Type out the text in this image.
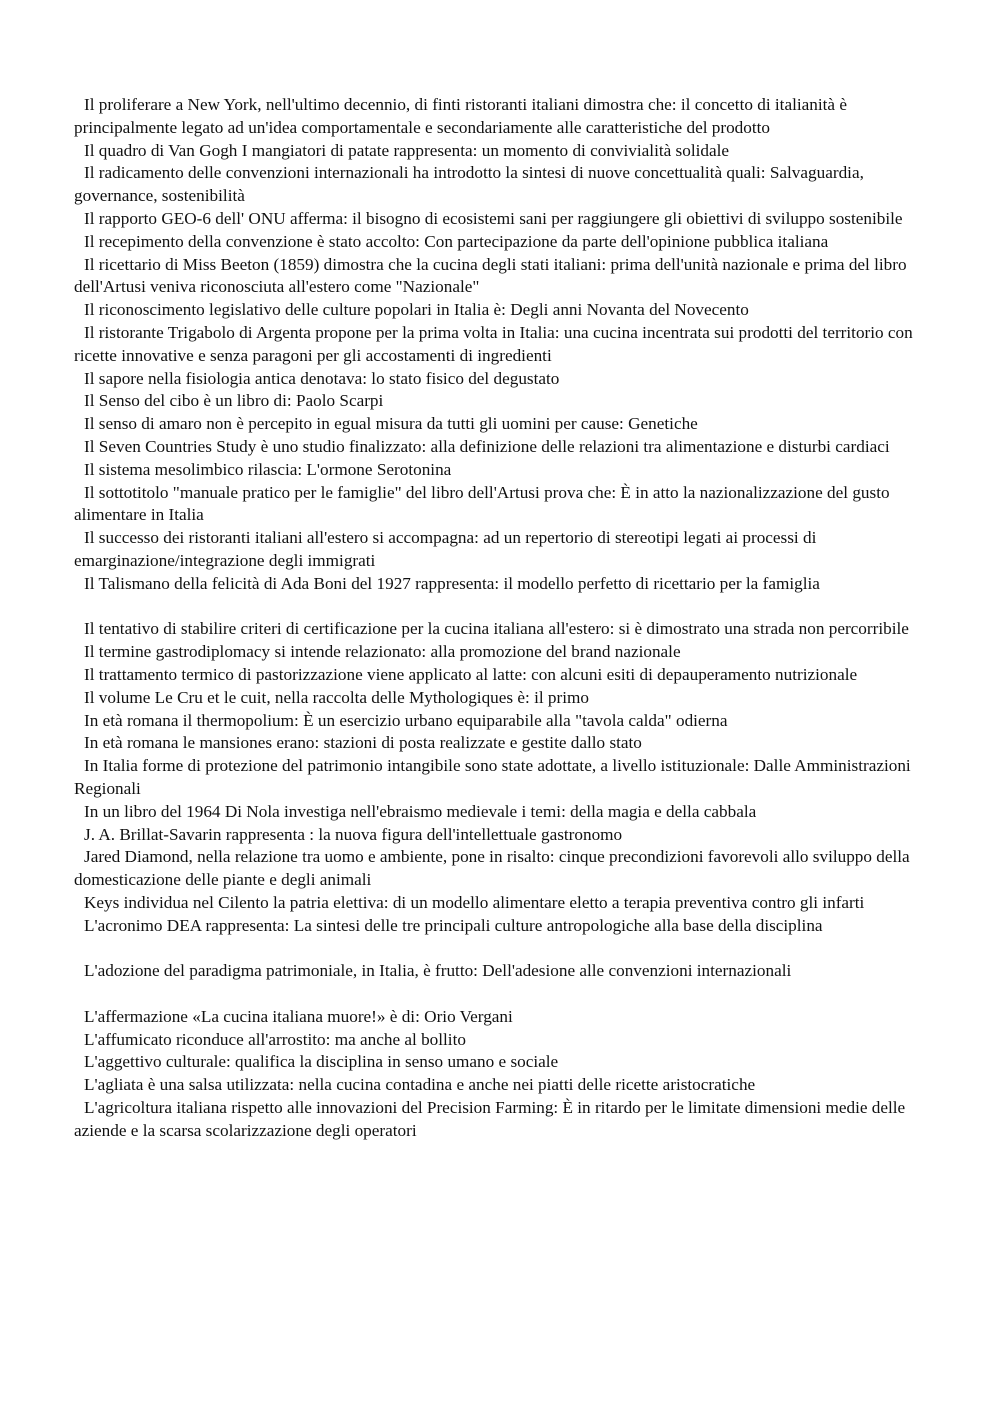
Il proliferare a New York, nell'ultimo decennio, di finti ristoranti italiani dimostra che: il concetto di italianità è principalmente legato ad un'idea comportamentale e secondariamente alle caratteristiche del prodotto

Il quadro di Van Gogh I mangiatori di patate rappresenta: un momento di convivialità solidale

Il radicamento delle convenzioni internazionali ha introdotto la sintesi di nuove concettualità quali: Salvaguardia, governance, sostenibilità

Il rapporto GEO-6 dell' ONU afferma: il bisogno di ecosistemi sani per raggiungere gli obiettivi di sviluppo sostenibile

Il recepimento della convenzione è stato accolto: Con partecipazione da parte dell'opinione pubblica italiana

Il ricettario di Miss Beeton (1859) dimostra che la cucina degli stati italiani: prima dell'unità nazionale e prima del libro dell'Artusi veniva riconosciuta all'estero come "Nazionale"

Il riconoscimento legislativo delle culture popolari in Italia è: Degli anni Novanta del Novecento

Il ristorante Trigabolo di Argenta propone per la prima volta in Italia: una cucina incentrata sui prodotti del territorio con ricette innovative e senza paragoni per gli accostamenti di ingredienti

Il sapore nella fisiologia antica denotava: lo stato fisico del degustato

Il Senso del cibo è un libro di: Paolo Scarpi

Il senso di amaro non è percepito in egual misura da tutti gli uomini per cause: Genetiche

Il Seven Countries Study è uno studio finalizzato: alla definizione delle relazioni tra alimentazione e disturbi cardiaci

Il sistema mesolimbico rilascia: L'ormone Serotonina

Il sottotitolo "manuale pratico per le famiglie" del libro dell'Artusi prova che: È in atto la nazionalizzazione del gusto alimentare in Italia

Il successo dei ristoranti italiani all'estero si accompagna: ad un repertorio di stereotipi legati ai processi di emarginazione/integrazione degli immigrati

Il Talismano della felicità di Ada Boni del 1927 rappresenta: il modello perfetto di ricettario per la famiglia

Il tentativo di stabilire criteri di certificazione per la cucina italiana all'estero: si è dimostrato una strada non percorribile

Il termine gastrodiplomacy si intende relazionato: alla promozione del brand nazionale

Il trattamento termico di pastorizzazione viene applicato al latte: con alcuni esiti di depauperamento nutrizionale

Il volume Le Cru et le cuit, nella raccolta delle Mythologiques è: il primo

In età romana il thermopolium: È un esercizio urbano equiparabile alla "tavola calda" odierna

In età romana le mansiones erano: stazioni di posta realizzate e gestite dallo stato

In Italia forme di protezione del patrimonio intangibile sono state adottate, a livello istituzionale: Dalle Amministrazioni Regionali

In un libro del 1964 Di Nola investiga nell'ebraismo medievale i temi: della magia e della cabbala

J. A. Brillat-Savarin rappresenta : la nuova figura dell'intellettuale gastronomo

Jared Diamond, nella relazione tra uomo e ambiente, pone in risalto: cinque precondizioni favorevoli allo sviluppo della domesticazione delle piante e degli animali

Keys individua nel Cilento la patria elettiva: di un modello alimentare eletto a terapia preventiva contro gli infarti

L'acronimo DEA rappresenta: La sintesi delle tre principali culture antropologiche alla base della disciplina

L'adozione del paradigma patrimoniale, in Italia, è frutto: Dell'adesione alle convenzioni internazionali

L'affermazione «La cucina italiana muore!» è di: Orio Vergani

L'affumicato riconduce all'arrostito: ma anche al bollito

L'aggettivo culturale: qualifica la disciplina in senso umano e sociale

L'agliata è una salsa utilizzata: nella cucina contadina e anche nei piatti delle ricette aristocratiche

L'agricoltura italiana rispetto alle innovazioni del Precision Farming: È in ritardo per le limitate dimensioni medie delle aziende e la scarsa scolarizzazione degli operatori
